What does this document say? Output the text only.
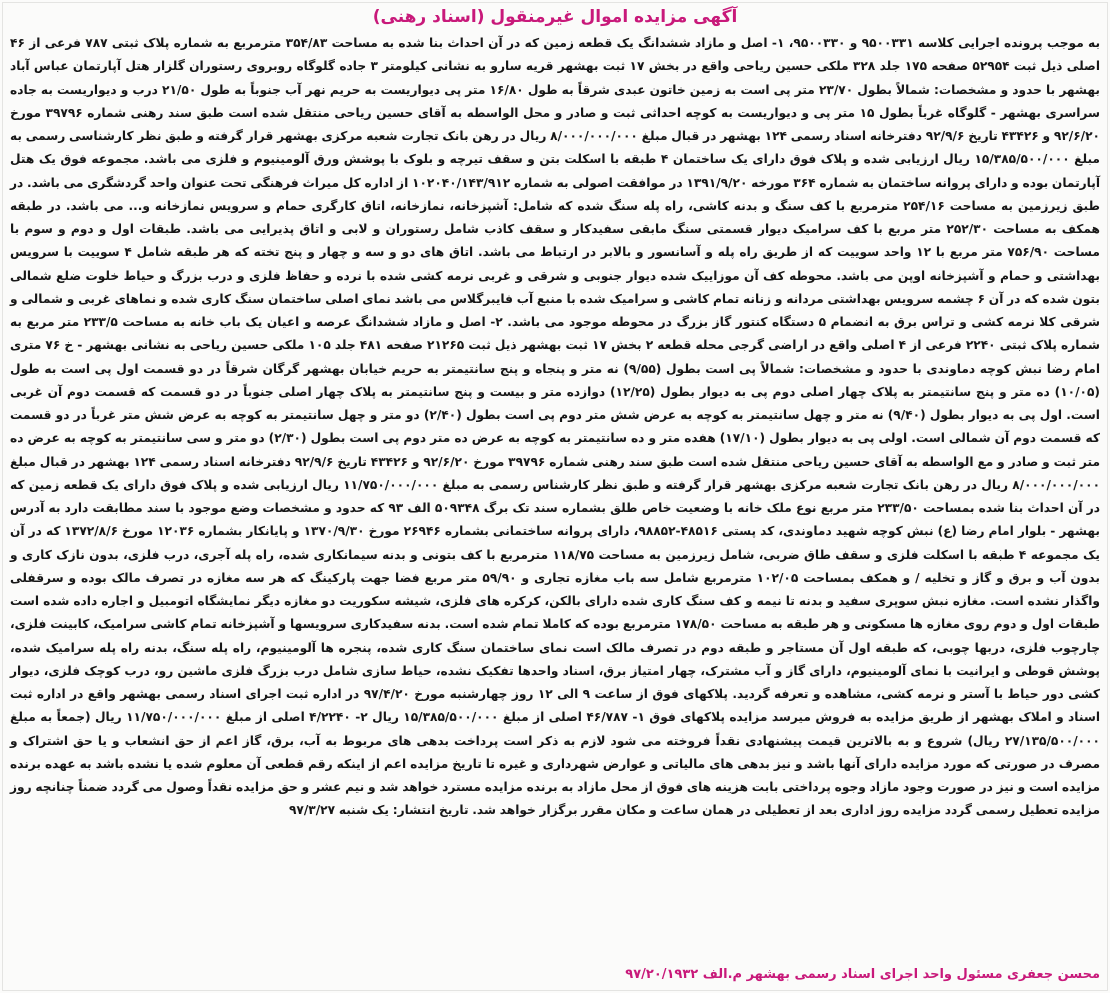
آگهی مزایده اموال غیرمنقول (اسناد رهنی)

به موجب پرونده اجرایی کلاسه ۹۵۰۰۳۳۱ و ۹۵۰۰۳۳۰، ۱- اصل و مازاد ششدانگ یک قطعه زمین که در آن احداث بنا شده به مساحت ۳۵۴/۸۳ مترمربع به شماره پلاک ثبتی ۷۸۷ فرعی از ۴۶ اصلی ذیل ثبت ۵۲۹۵۴ صفحه ۱۷۵ جلد ۳۲۸ ملکی حسین ریاحی واقع در بخش ۱۷ ثبت بهشهر قریه سارو به نشانی کیلومتر ۳ جاده گلوگاه روبروی رستوران گلزار هتل آپارتمان عباس آباد بهشهر با حدود و مشخصات: شمالاً بطول ۲۳/۷۰ متر پی است به زمین خاتون عبدی شرقاً به طول ۱۶/۸۰ متر پی دیواریست به حریم نهر آب جنوباً به طول ۲۱/۵۰ درب و دیواریست به جاده سراسری بهشهر - گلوگاه غرباً بطول ۱۵ متر پی و دیواریست به کوچه احداثی ثبت و صادر و محل الواسطه به آقای حسین ریاحی منتقل شده است طبق سند رهنی شماره ۳۹۷۹۶ مورخ ۹۲/۶/۲۰ و ۴۳۴۲۶ تاریخ ۹۲/۹/۶ دفترخانه اسناد رسمی ۱۲۴ بهشهر در قبال مبلغ ۸/۰۰۰/۰۰۰/۰۰۰ ریال در رهن بانک تجارت شعبه مرکزی بهشهر قرار گرفته و طبق نظر کارشناسی رسمی به مبلغ ۱۵/۳۸۵/۵۰۰/۰۰۰ ریال ارزیابی شده و پلاک فوق دارای یک ساختمان ۴ طبقه با اسکلت بتن و سقف تیرچه و بلوک با پوشش ورق آلومینیوم و فلزی می باشد. مجموعه فوق یک هتل آپارتمان بوده و دارای پروانه ساختمان به شماره ۳۶۴ مورخه ۱۳۹۱/۹/۲۰ در موافقت اصولی به شماره ۱۰۲۰۴۰/۱۴۳/۹۱۲ از اداره کل میراث فرهنگی تحت عنوان واحد گردشگری می باشد. در طبق زیرزمین به مساحت ۲۵۴/۱۶ مترمربع با کف سنگ و بدنه کاشی، راه پله سنگ شده که شامل: آشپزخانه، نمازخانه، اتاق کارگری حمام و سرویس نمازخانه و... می باشد. در طبقه همکف به مساحت ۲۵۲/۳۰ متر مربع با کف سرامیک دیوار قسمتی سنگ مابقی سفیدکار و سقف کاذب شامل رستوران و لابی و اتاق پذیرایی می باشد. طبقات اول و دوم و سوم با مساحت ۷۵۶/۹۰ متر مربع با ۱۲ واحد سوییت که از طریق راه پله و آسانسور و بالابر در ارتباط می باشد. اتاق های دو و سه و چهار و پنج تخته که هر طبقه شامل ۴ سوییت با سرویس بهداشتی و حمام و آشپزخانه اوپن می باشد. محوطه کف آن موزاییک شده دیوار جنوبی و شرقی و غربی نرمه کشی شده با نرده و حفاظ فلزی و درب بزرگ و حیاط خلوت ضلع شمالی بتون شده که در آن ۶ چشمه سرویس بهداشتی مردانه و زنانه تمام کاشی و سرامیک شده با منبع آب فایبرگلاس می باشد نمای اصلی ساختمان سنگ کاری شده و نماهای غربی و شمالی و شرقی کلا نرمه کشی و تراس برق به انضمام ۵ دستگاه کنتور گاز بزرگ در محوطه موجود می باشد. ۲- اصل و مازاد ششدانگ عرصه و اعیان یک باب خانه به مساحت ۲۳۳/۵ متر مربع به شماره پلاک ثبتی ۲۲۴۰ فرعی از ۴ اصلی واقع در اراضی گرجی محله قطعه ۲ بخش ۱۷ ثبت بهشهر ذیل ثبت ۲۱۲۶۵ صفحه ۴۸۱ جلد ۱۰۵ ملکی حسین ریاحی به نشانی بهشهر - خ ۷۶ متری امام رضا نبش کوچه دماوندی با حدود و مشخصات: شمالاً پی است بطول (۹/۵۵) نه متر و پنجاه و پنج سانتیمتر به حریم خیابان بهشهر گرگان شرقاً در دو قسمت اول پی است به طول (۱۰/۰۵) ده متر و پنج سانتیمتر به پلاک چهار اصلی دوم پی به دیوار بطول (۱۲/۲۵) دوازده متر و بیست و پنج سانتیمتر به پلاک چهار اصلی جنوباً در دو قسمت که قسمت دوم آن غربی است. اول پی به دیوار بطول (۹/۴۰) نه متر و چهل سانتیمتر به کوچه به عرض شش متر دوم پی است بطول (۲/۴۰) دو متر و چهل سانتیمتر به کوچه به عرض شش متر غرباً در دو قسمت که قسمت دوم آن شمالی است. اولی پی به دیوار بطول (۱۷/۱۰) هفده متر و ده سانتیمتر به کوچه به عرض ده متر دوم پی است بطول (۲/۳۰) دو متر و سی سانتیمتر به کوچه به عرض ده متر ثبت و صادر و مع الواسطه به آقای حسین ریاحی منتقل شده است طبق سند رهنی شماره ۳۹۷۹۶ مورخ ۹۲/۶/۲۰ و ۴۳۴۲۶ تاریخ ۹۲/۹/۶ دفترخانه اسناد رسمی ۱۲۴ بهشهر در قبال مبلغ ۸/۰۰۰/۰۰۰/۰۰۰ ریال در رهن بانک تجارت شعبه مرکزی بهشهر قرار گرفته و طبق نظر کارشناس رسمی به مبلغ ۱۱/۷۵۰/۰۰۰/۰۰۰ ریال ارزیابی شده و پلاک فوق دارای یک قطعه زمین که در آن احداث بنا شده بمساحت ۲۳۳/۵۰ متر مربع نوع ملک خانه با وضعیت خاص طلق بشماره سند تک برگ ۵۰۹۳۴۸ الف ۹۳ که حدود و مشخصات وضع موجود با سند مطابقت دارد به آدرس بهشهر - بلوار امام رضا (ع) نبش کوچه شهید دماوندی، کد پستی ۴۸۵۱۶-۹۸۸۵۲، دارای پروانه ساختمانی بشماره ۲۶۹۴۶ مورخ ۱۳۷۰/۹/۳۰ و پایانکار بشماره ۱۲۰۳۶ مورخ ۱۳۷۲/۸/۶ که در آن یک مجموعه ۴ طبقه با اسکلت فلزی و سقف طاق ضربی، شامل زیرزمین به مساحت ۱۱۸/۷۵ مترمربع با کف بتونی و بدنه سیمانکاری شده، راه پله آجری، درب فلزی، بدون نازک کاری و بدون آب و برق و گاز و تخلیه / و همکف بمساحت ۱۰۲/۰۵ مترمربع شامل سه باب مغازه تجاری و ۵۹/۹۰ متر مربع فضا جهت پارکینگ که هر سه مغازه در تصرف مالک بوده و سرقفلی واگذار نشده است. مغازه نبش سوپری سفید و بدنه تا نیمه و کف سنگ کاری شده دارای بالکن، کرکره های فلزی، شیشه سکوریت دو مغازه دیگر نمایشگاه اتومبیل و اجاره داده شده است طبقات اول و دوم روی مغازه ها مسکونی و هر طبقه به مساحت ۱۷۸/۵۰ مترمربع بوده که کاملا تمام شده است. بدنه سفیدکاری سرویسها و آشپزخانه تمام کاشی سرامیک، کابینت فلزی، چارچوب فلزی، دربها چوبی، که طبقه اول آن مستاجر و طبقه دوم در تصرف مالک است نمای ساختمان سنگ کاری شده، پنجره ها آلومینیوم، راه پله سنگ، بدنه راه پله سرامیک شده، پوشش قوطی و ایرانیت با نمای آلومینیوم، دارای گاز و آب مشترک، چهار امتیاز برق، اسناد واحدها تفکیک نشده، حیاط سازی شامل درب بزرگ فلزی ماشین رو، درب کوچک فلزی، دیوار کشی دور حیاط با آستر و نرمه کشی، مشاهده و تعرفه گردید. پلاکهای فوق از ساعت ۹ الی ۱۲ روز چهارشنبه مورخ ۹۷/۴/۲۰ در اداره ثبت اجرای اسناد رسمی بهشهر واقع در اداره ثبت اسناد و املاک بهشهر از طریق مزایده به فروش میرسد مزایده پلاکهای فوق ۱- ۴۶/۷۸۷ اصلی از مبلغ ۱۵/۳۸۵/۵۰۰/۰۰۰ ریال ۲- ۴/۲۲۴۰ اصلی از مبلغ ۱۱/۷۵۰/۰۰۰/۰۰۰ ریال (جمعاً به مبلغ ۲۷/۱۳۵/۵۰۰/۰۰۰ ریال) شروع و به بالاترین قیمت پیشنهادی نقداً فروخته می شود لازم به ذکر است پرداخت بدهی های مربوط به آب، برق، گاز اعم از حق انشعاب و یا حق اشتراک و مصرف در صورتی که مورد مزایده دارای آنها باشد و نیز بدهی های مالیاتی و عوارض شهرداری و غیره تا تاریخ مزایده اعم از اینکه رقم قطعی آن معلوم شده یا نشده باشد به عهده برنده مزایده است و نیز در صورت وجود مازاد وجوه پرداختی بابت هزینه های فوق از محل مازاد به برنده مزایده مسترد خواهد شد و نیم عشر و حق مزایده نقداً وصول می گردد ضمناً چنانچه روز مزایده تعطیل رسمی گردد مزایده روز اداری بعد از تعطیلی در همان ساعت و مکان مقرر برگزار خواهد شد. تاریخ انتشار: یک شنبه ۹۷/۳/۲۷

محسن جعفری مسئول واحد اجرای اسناد رسمی بهشهر م.الف ۹۷/۲۰/۱۹۳۲
